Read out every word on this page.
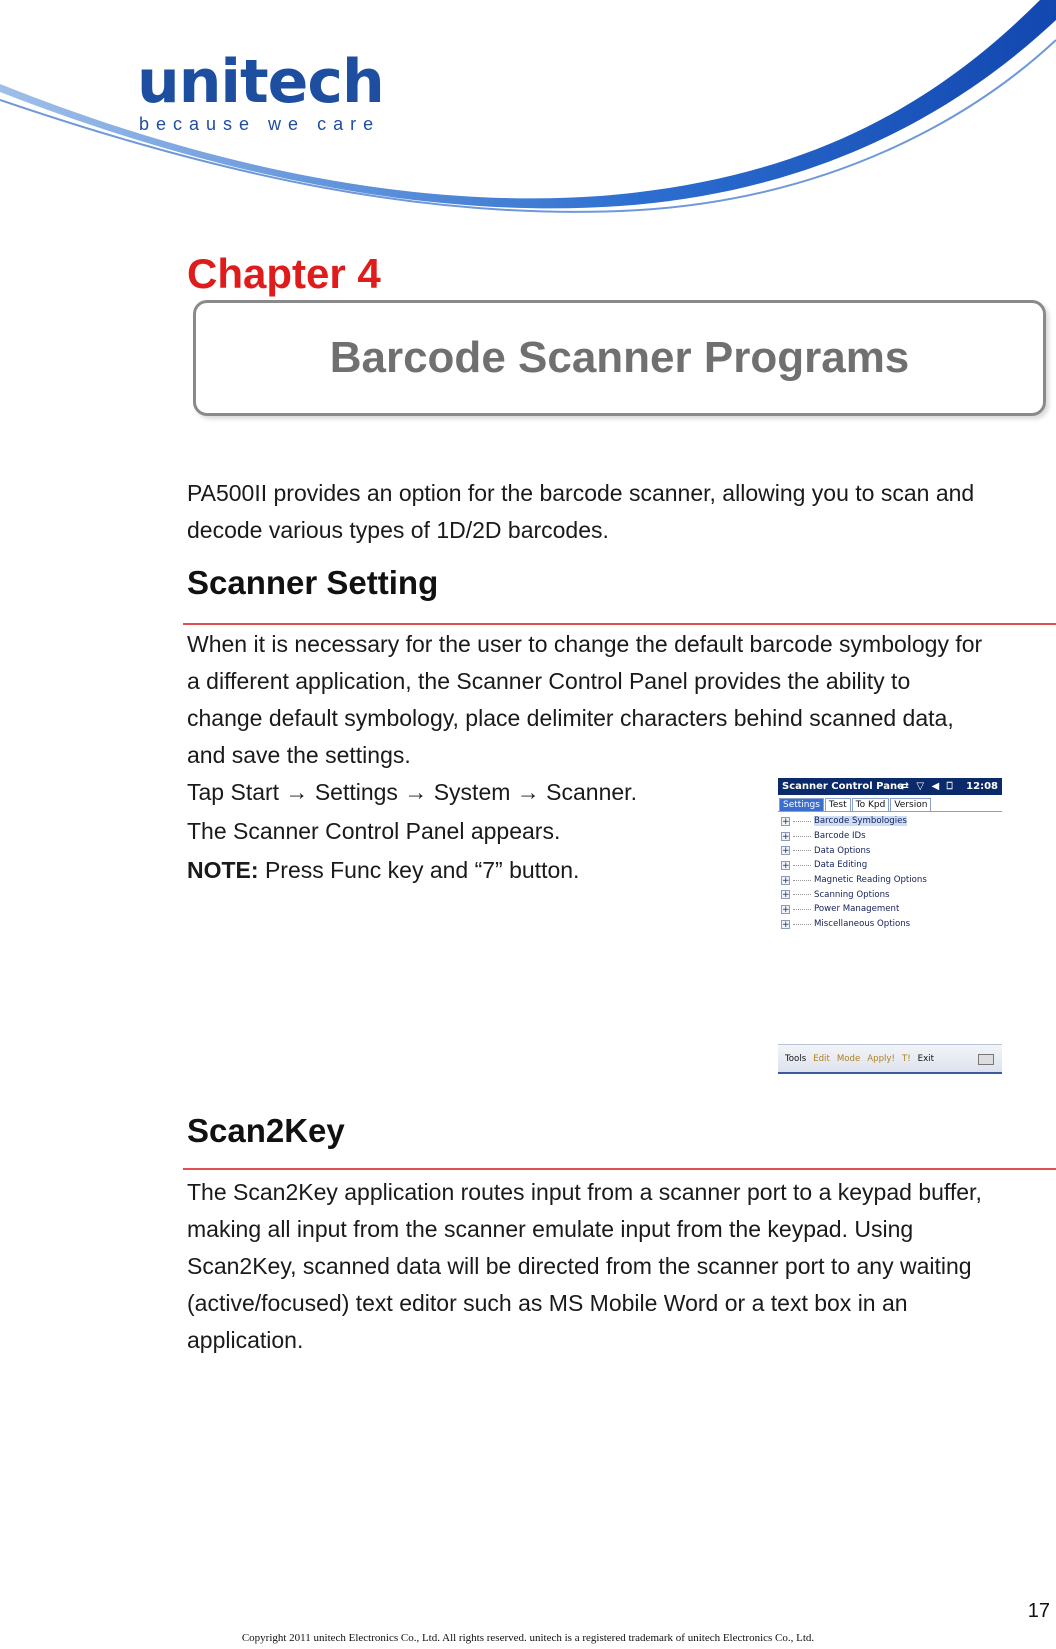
unitech
because we care
Chapter 4
Barcode Scanner Programs
PA500II provides an option for the barcode scanner, allowing you to scan and
decode various types of 1D/2D barcodes.
Scanner Setting
When it is necessary for the user to change the default barcode symbology for
a different application, the Scanner Control Panel provides the ability to
change default symbology, place delimiter characters behind scanned data,
and save the settings.
Tap Start → Settings → System → Scanner.
The Scanner Control Panel appears.
NOTE: Press Func key and “7” button.
Scanner Control Pane
⇄ ▽ ◀ ⎕ 12:08
Settings	Test	To Kpd	Version
+	Barcode Symbologies
+	Barcode IDs
+	Data Options
+	Data Editing
+	Magnetic Reading Options
+	Scanning Options
+	Power Management
+	Miscellaneous Options
Tools Edit Mode Apply! T! Exit
Scan2Key
The Scan2Key application routes input from a scanner port to a keypad buffer,
making all input from the scanner emulate input from the keypad. Using
Scan2Key, scanned data will be directed from the scanner port to any waiting
(active/focused) text editor such as MS Mobile Word or a text box in an
application.
17
Copyright 2011 unitech Electronics Co., Ltd. All rights reserved. unitech is a registered trademark of unitech Electronics Co., Ltd.
